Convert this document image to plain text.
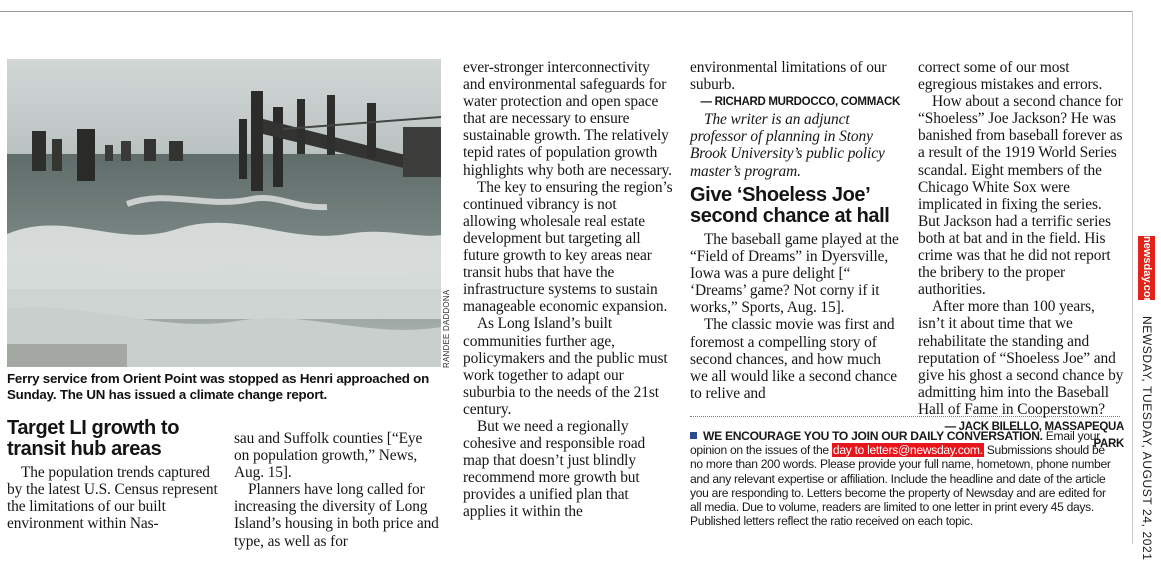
RANDEE DADDONA

Ferry service from Orient Point was stopped as Henri approached on Sunday. The UN has issued a climate change report.

Target LI growth to transit hub areas

The population trends captured by the latest U.S. Census represent the limitations of our built environment within Nas-

sau and Suffolk counties [“Eye on population growth,” News, Aug. 15].

Planners have long called for increasing the diversity of Long Island’s housing in both price and type, as well as for

ever-stronger interconnectivity and environmental safeguards for water protection and open space that are necessary to ensure sustainable growth. The relatively tepid rates of population growth highlights why both are necessary.

The key to ensuring the region’s continued vibrancy is not allowing wholesale real estate development but targeting all future growth to key areas near transit hubs that have the infrastructure systems to sustain manageable economic expansion.

As Long Island’s built communities further age, policymakers and the public must work together to adapt our suburbia to the needs of the 21st century.

But we need a regionally cohesive and responsible road map that doesn’t just blindly recommend more growth but provides a unified plan that applies it within the

environmental limitations of our suburb.

— RICHARD MURDOCCO, COMMACK

The writer is an adjunct professor of planning in Stony Brook University’s public policy master’s program.

Give ‘Shoeless Joe’ second chance at hall

The baseball game played at the “Field of Dreams” in Dyersville, Iowa was a pure delight [“ ‘Dreams’ game? Not corny if it works,” Sports, Aug. 15].

The classic movie was first and foremost a compelling story of second chances, and how much we all would like a second chance to relive and

correct some of our most egregious mistakes and errors.

How about a second chance for “Shoeless” Joe Jackson? He was banished from baseball forever as a result of the 1919 World Series scandal. Eight members of the Chicago White Sox were implicated in fixing the series. But Jackson had a terrific series both at bat and in the field. His crime was that he did not report the bribery to the proper authorities.

After more than 100 years, isn’t it about time that we rehabilitate the standing and reputation of “Shoeless Joe” and give his ghost a second chance by admitting him into the Baseball Hall of Fame in Cooperstown?

— JACK BILELLO, MASSAPEQUA PARK

WE ENCOURAGE YOU TO JOIN OUR DAILY CONVERSATION. Email your opinion on the issues of the day to letters@newsday.com. Submissions should be no more than 200 words. Please provide your full name, hometown, phone number and any relevant expertise or affiliation. Include the headline and date of the article you are responding to. Letters become the property of Newsday and are edited for all media. Due to volume, readers are limited to one letter in print every 45 days. Published letters reflect the ratio received on each topic.

newsday.com
NEWSDAY, TUESDAY, AUGUST 24, 2021
